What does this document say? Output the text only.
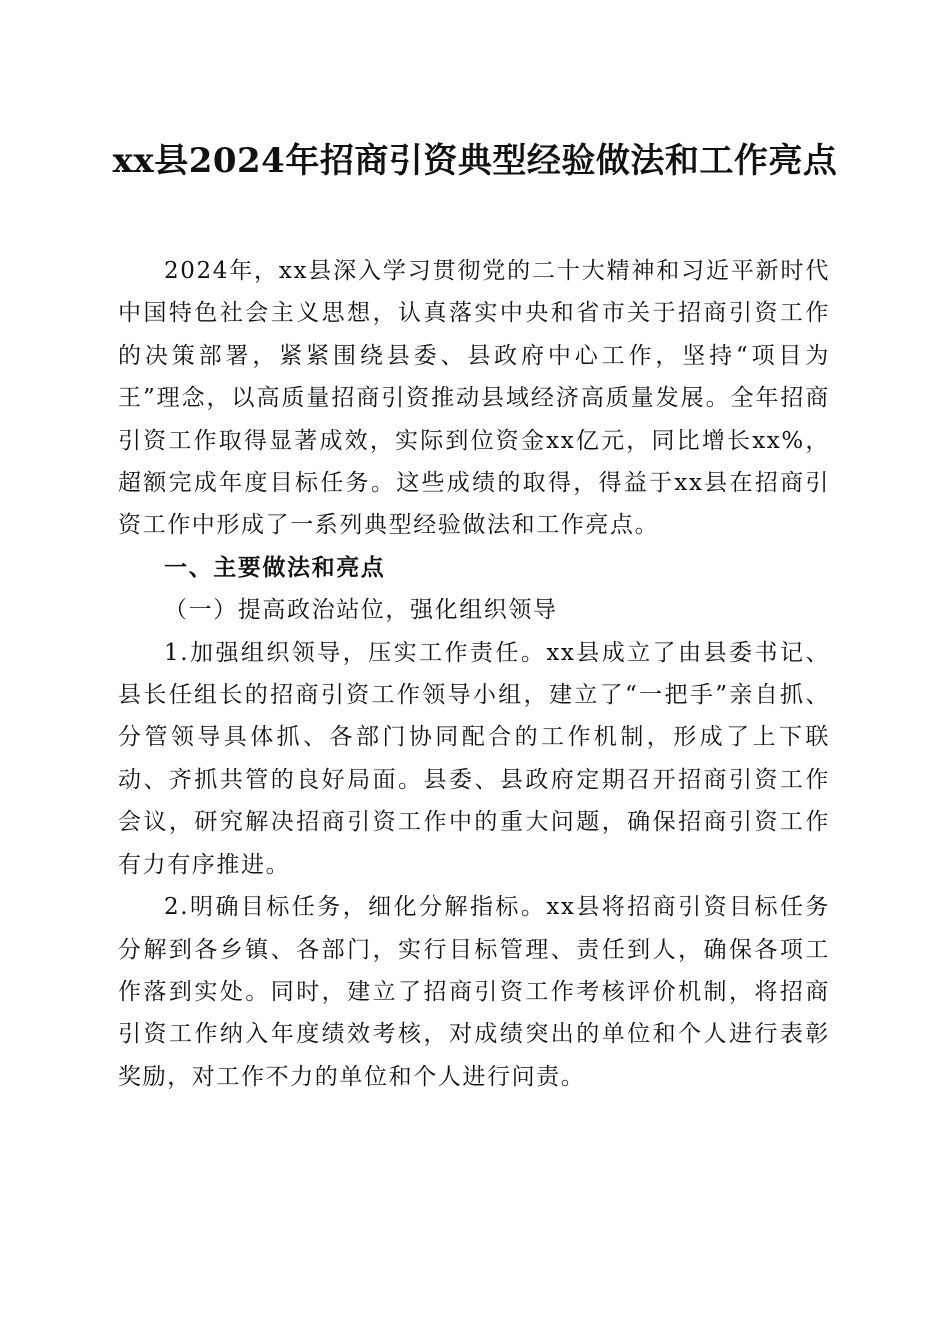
xx县2024年招商引资典型经验做法和工作亮点

2024年，xx县深入学习贯彻党的二十大精神和习近平新时代中国特色社会主义思想，认真落实中央和省市关于招商引资工作的决策部署，紧紧围绕县委、县政府中心工作，坚持“项目为王”理念，以高质量招商引资推动县域经济高质量发展。全年招商引资工作取得显著成效，实际到位资金xx亿元，同比增长xx%，超额完成年度目标任务。这些成绩的取得，得益于xx县在招商引资工作中形成了一系列典型经验做法和工作亮点。

一、主要做法和亮点

（一）提高政治站位，强化组织领导

1.加强组织领导，压实工作责任。xx县成立了由县委书记、县长任组长的招商引资工作领导小组，建立了“一把手”亲自抓、分管领导具体抓、各部门协同配合的工作机制，形成了上下联动、齐抓共管的良好局面。县委、县政府定期召开招商引资工作会议，研究解决招商引资工作中的重大问题，确保招商引资工作有力有序推进。

2.明确目标任务，细化分解指标。xx县将招商引资目标任务分解到各乡镇、各部门，实行目标管理、责任到人，确保各项工作落到实处。同时，建立了招商引资工作考核评价机制，将招商引资工作纳入年度绩效考核，对成绩突出的单位和个人进行表彰奖励，对工作不力的单位和个人进行问责。
